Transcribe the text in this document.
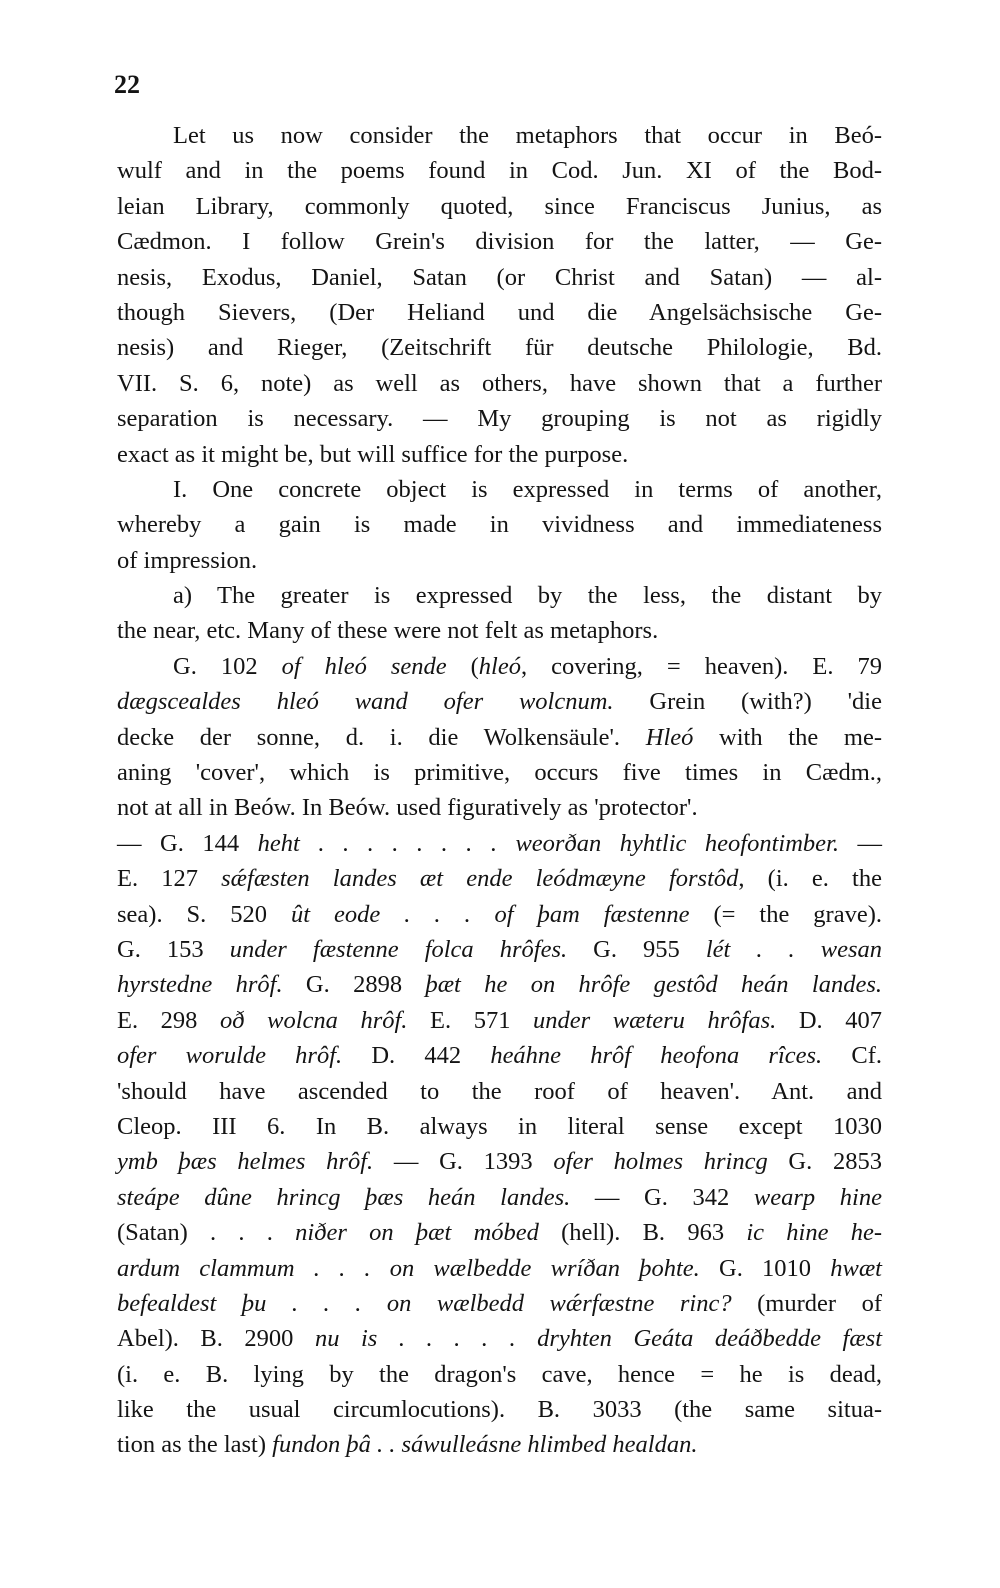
22
Let us now consider the metaphors that occur in Beó-
wulf and in the poems found in Cod. Jun. XI of the Bod-
leian Library, commonly quoted, since Franciscus Junius, as
Cædmon. I follow Grein's division for the latter, — Ge-
nesis, Exodus, Daniel, Satan (or Christ and Satan) — al-
though Sievers, (Der Heliand und die Angelsächsische Ge-
nesis) and Rieger, (Zeitschrift für deutsche Philologie, Bd.
VII. S. 6, note) as well as others, have shown that a further
separation is necessary. — My grouping is not as rigidly
exact as it might be, but will suffice for the purpose.
I. One concrete object is expressed in terms of another,
whereby a gain is made in vividness and immediateness
of impression.
a) The greater is expressed by the less, the distant by
the near, etc. Many of these were not felt as metaphors.
G. 102 of hleó sende (hleó, covering, = heaven). E. 79
dægscealdes hleó wand ofer wolcnum. Grein (with?) 'die
decke der sonne, d. i. die Wolkensäule'. Hleó with the me-
aning 'cover', which is primitive, occurs five times in Cædm.,
not at all in Beów. In Beów. used figuratively as 'protector'.
— G. 144 heht . . . . . . . . weorðan hyhtlic heofontimber. —
E. 127 sǽfæsten landes æt ende leódmæyne forstôd, (i. e. the
sea). S. 520 ût eode . . . of þam fæstenne (= the grave).
G. 153 under fæstenne folca hrôfes. G. 955 lét . . wesan
hyrstedne hrôf. G. 2898 þæt he on hrôfe gestôd heán landes.
E. 298 oð wolcna hrôf. E. 571 under wæteru hrôfas. D. 407
ofer woruldе hrôf. D. 442 heáhne hrôf heofona rîces. Cf.
'should have ascended to the roof of heaven'. Ant. and
Cleop. III 6. In B. always in literal sense except 1030
ymb þæs helmes hrôf. — G. 1393 ofer holmes hrincg G. 2853
steápe dûne hrincg þæs heán landes. — G. 342 wearp hine
(Satan) . . . niðer on þæt móbed (hell). B. 963 ic hine he-
ardum clammum . . . on wælbedde wríðan þohte. G. 1010 hwæt
befealdest þu . . . on wælbedd wǽrfæstne rinc? (murder of
Abel). B. 2900 nu is . . . . . dryhten Geáta deáðbedde fæst
(i. e. B. lying by the dragon's cave, hence = he is dead,
like the usual circumlocutions). B. 3033 (the same situa-
tion as the last) fundon þâ . . sáwulleásne hlimbed healdan.
